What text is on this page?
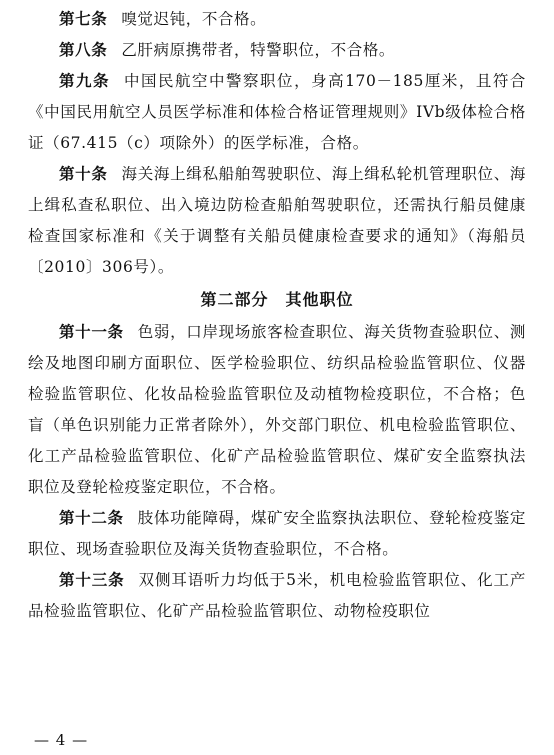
第七条 嗅觉迟钝，不合格。

第八条 乙肝病原携带者，特警职位，不合格。

第九条 中国民航空中警察职位，身高170－185厘米，且符合《中国民用航空人员医学标准和体检合格证管理规则》IVb级体检合格证（67.415（c）项除外）的医学标准，合格。

第十条 海关海上缉私船舶驾驶职位、海上缉私轮机管理职位、海上缉私查私职位、出入境边防检查船舶驾驶职位，还需执行船员健康检查国家标准和《关于调整有关船员健康检查要求的通知》（海船员〔2010〕306号）。

第二部分　其他职位

第十一条 色弱，口岸现场旅客检查职位、海关货物查验职位、测绘及地图印刷方面职位、医学检验职位、纺织品检验监管职位、仪器检验监管职位、化妆品检验监管职位及动植物检疫职位，不合格；色盲（单色识别能力正常者除外），外交部门职位、机电检验监管职位、化工产品检验监管职位、化矿产品检验监管职位、煤矿安全监察执法职位及登轮检疫鉴定职位，不合格。

第十二条 肢体功能障碍，煤矿安全监察执法职位、登轮检疫鉴定职位、现场查验职位及海关货物查验职位，不合格。

第十三条 双侧耳语听力均低于5米，机电检验监管职位、化工产品检验监管职位、化矿产品检验监管职位、动物检疫职位

— 4 —
